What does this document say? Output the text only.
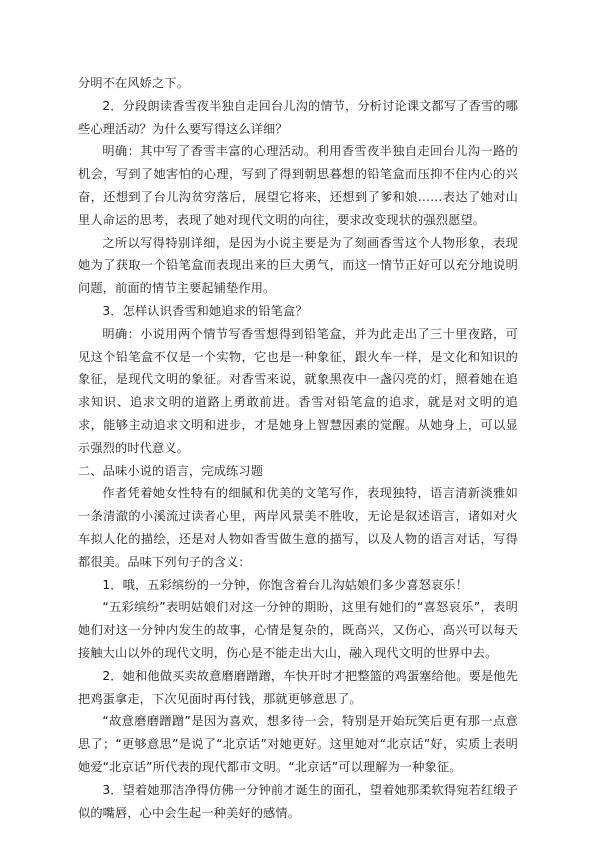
分明不在风娇之下。

2．分段朗读香雪夜半独自走回台儿沟的情节，分析讨论课文都写了香雪的哪些心理活动？为什么要写得这么详细？

明确：其中写了香雪丰富的心理活动。利用香雪夜半独自走回台儿沟一路的机会，写到了她害怕的心理，写到了得到朝思暮想的铅笔盒而压抑不住内心的兴奋，还想到了台儿沟贫穷落后，展望它将来，还想到了爹和娘……表达了她对山里人命运的思考，表现了她对现代文明的向往，要求改变现状的强烈愿望。

之所以写得特别详细，是因为小说主要是为了刻画香雪这个人物形象，表现她为了获取一个铅笔盒而表现出来的巨大勇气，而这一情节正好可以充分地说明问题，前面的情节主要起铺垫作用。

3．怎样认识香雪和她追求的铅笔盒？

明确：小说用两个情节写香雪想得到铅笔盒，并为此走出了三十里夜路，可见这个铅笔盒不仅是一个实物，它也是一种象征，跟火车一样，是文化和知识的象征，是现代文明的象征。对香雪来说，就象黑夜中一盏闪亮的灯，照着她在追求知识、追求文明的道路上勇敢前进。香雪对铅笔盒的追求，就是对文明的追求，能够主动追求文明和进步，才是她身上智慧因素的觉醒。从她身上，可以显示强烈的时代意义。

二、品味小说的语言，完成练习题

作者凭着她女性特有的细腻和优美的文笔写作，表现独特，语言清新淡雅如一条清澈的小溪流过读者心里，两岸风景美不胜收，无论是叙述语言，诸如对火车拟人化的描绘，还是对人物如香雪做生意的描写，以及人物的语言对话，写得都很美。品味下列句子的含义：

1．哦，五彩缤纷的一分钟，你饱含着台儿沟姑娘们多少喜怒哀乐！

“五彩缤纷”表明姑娘们对这一分钟的期盼，这里有她们的“喜怒哀乐”，表明她们对这一分钟内发生的故事，心情是复杂的，既高兴，又伤心，高兴可以每天接触大山以外的现代文明，伤心是不能走出大山，融入现代文明的世界中去。

2．她和他做买卖故意磨磨蹭蹭，车快开时才把整篮的鸡蛋塞给他。要是他先把鸡蛋拿走，下次见面时再付钱，那就更够意思了。

“故意磨磨蹭蹭”是因为喜欢，想多待一会，特别是开始玩笑后更有那一点意思了；“更够意思”是说了“北京话”对她更好。这里她对“北京话”好，实质上表明她爱“北京话”所代表的现代都市文明。“北京话”可以理解为一种象征。

3．望着她那洁净得仿佛一分钟前才诞生的面孔，望着她那柔软得宛若红缎子似的嘴唇，心中会生起一种美好的感情。
